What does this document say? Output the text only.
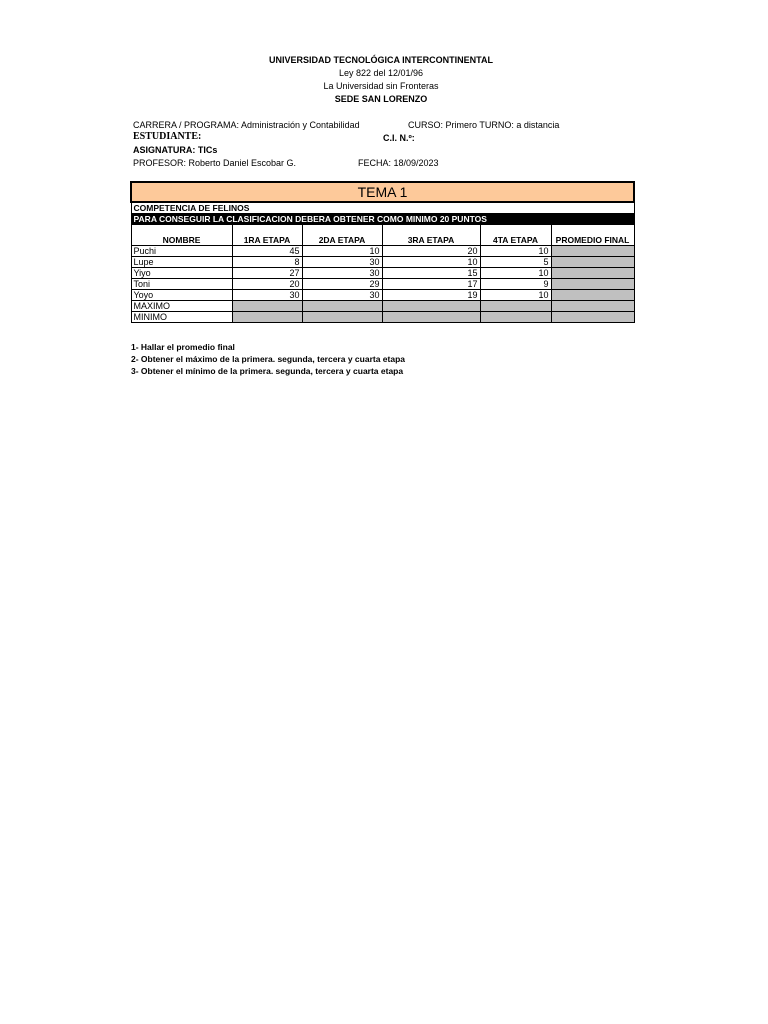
UNIVERSIDAD TECNOLÓGICA INTERCONTINENTAL
Ley 822 del 12/01/96
La Universidad sin Fronteras
SEDE SAN LORENZO
CARRERA / PROGRAMA: Administración y Contabilidad	CURSO: Primero TURNO: a distancia
ESTUDIANTE:	C.I. N.º:
ASIGNATURA: TICs
PROFESOR: Roberto Daniel Escobar G.	FECHA: 18/09/2023
TEMA 1					
COMPETENCIA DE FELINOS					
PARA CONSEGUIR LA CLASIFICACION DEBERA OBTENER COMO MINIMO 20 PUNTOS					
NOMBRE	1RA ETAPA	2DA ETAPA	3RA ETAPA	4TA ETAPA	PROMEDIO FINAL
Puchi	45	10	20	10	
Lupe	8	30	10	5	
Yiyo	27	30	15	10	
Toni	20	29	17	9	
Yoyo	30	30	19	10	
MAXIMO					
MINIMO					
1- Hallar el promedio final
2- Obtener el máximo de la primera. segunda, tercera y cuarta etapa
3- Obtener el mínimo de la primera. segunda, tercera y cuarta etapa
